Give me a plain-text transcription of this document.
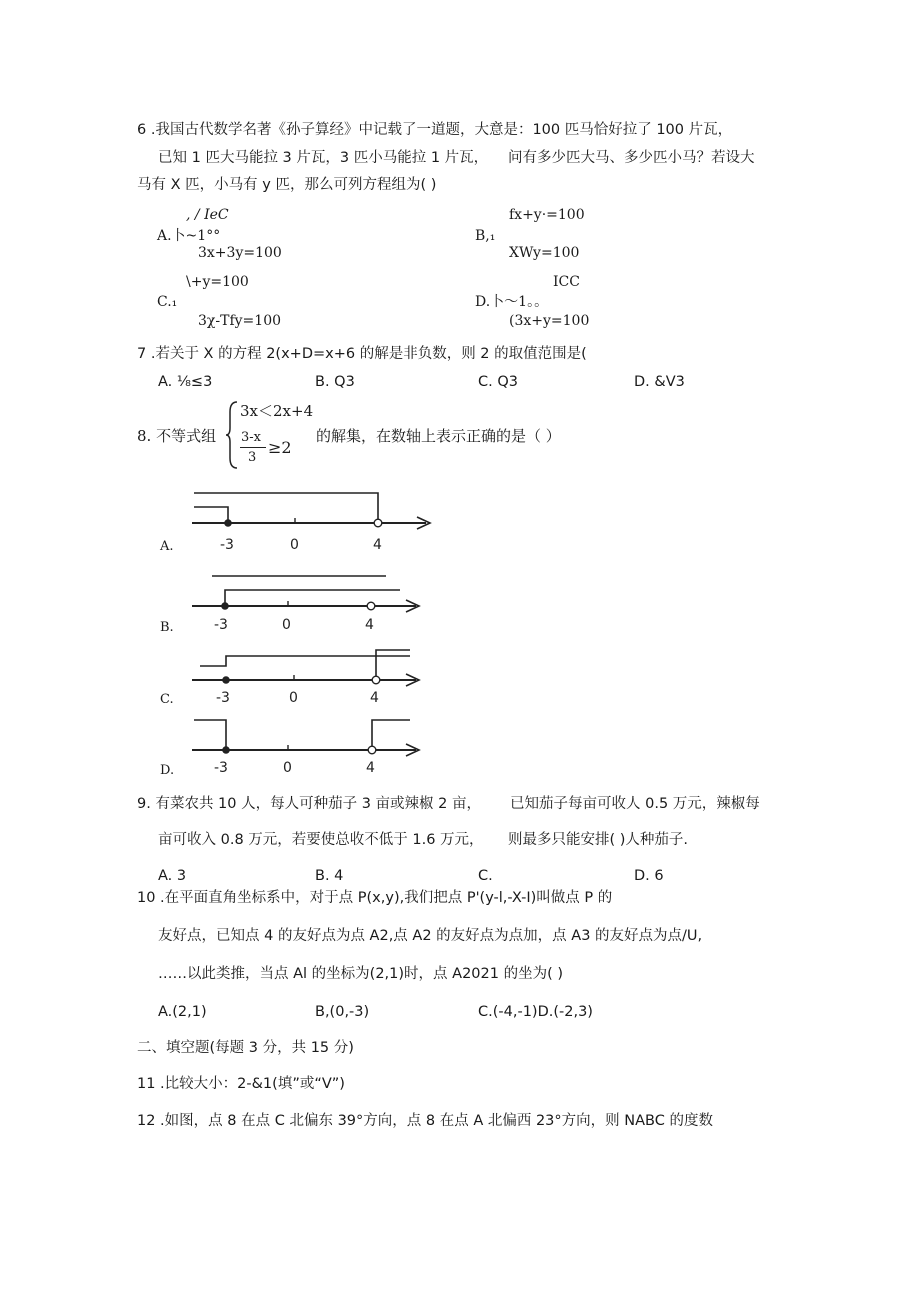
6 .我国古代数学名著《孙子算经》中记载了一道题，大意是：100 匹马恰好拉了 100 片瓦，
已知 1 匹大马能拉 3 片瓦，3 匹小马能拉 1 片瓦， 问有多少匹大马、多少匹小马？若设大
马有 X 匹，小马有 y 匹，那么可列方程组为( )
, / IeC
A.卜~1°°
3x+3y=100
fx+y·=100
B,₁
XWy=100
\+y=100
C.₁
3χ-Tfy=100
ICC
D.卜～1。。
(3x+y=100
7 .若关于 X 的方程 2(x+D=x+6 的解是非负数，则 2 的取值范围是(
A. ⅛≤3	B. Q3	C. Q3	D. &V3
8. 不等式组
3x＜2x+4
3-x
3
≥2
的解集，在数轴上表示正确的是（ ）
A.	-3	0	4
B.	-3	0	4
C.	-3	0	4
D.	-3	0	4
9. 有菜农共 10 人，每人可种茄子 3 亩或辣椒 2 亩， 已知茄子每亩可收人 0.5 万元，辣椒每
亩可收入 0.8 万元，若要使总收不低于 1.6 万元， 则最多只能安排( )人种茄子.
A. 3	B. 4	C.	D. 6
10 .在平面直角坐标系中，对于点 P(x,y),我们把点 P'(y-l,-X-I)叫做点 P 的
友好点，已知点 4 的友好点为点 A2,点 A2 的友好点为点加，点 A3 的友好点为点/U,
……以此类推，当点 Al 的坐标为(2,1)时，点 A2021 的坐为( )
A.(2,1)	B,(0,-3)	C.(-4,-1)D.(-2,3)
二、填空题(每题 3 分，共 15 分)
11 .比较大小：2-&1(填”或“V”)
12 .如图，点 8 在点 C 北偏东 39°方向，点 8 在点 A 北偏西 23°方向，则 NABC 的度数
